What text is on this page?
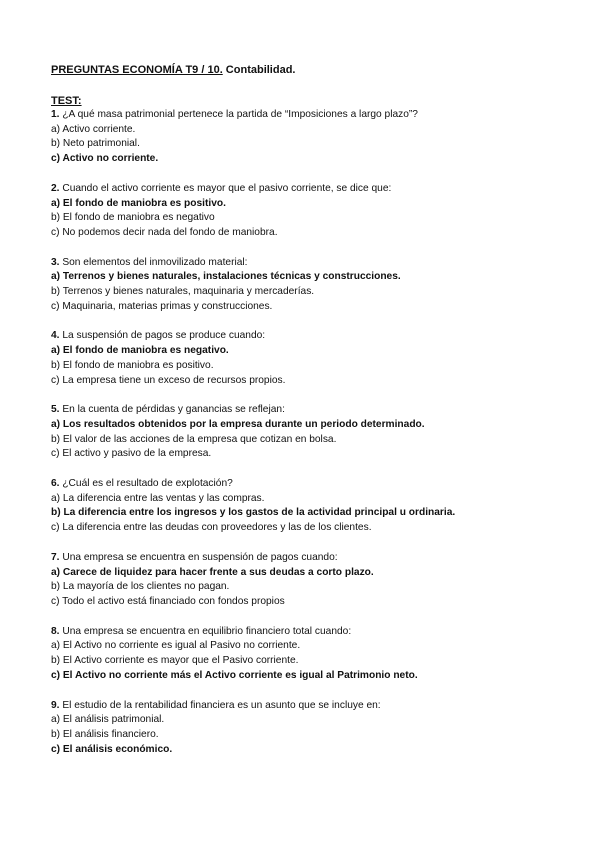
PREGUNTAS ECONOMÍA T9 / 10. Contabilidad.
TEST:
1. ¿A qué masa patrimonial pertenece la partida de “Imposiciones a largo plazo”?
a) Activo corriente.
b) Neto patrimonial.
c) Activo no corriente.
2. Cuando el activo corriente es mayor que el pasivo corriente, se dice que:
a) El fondo de maniobra es positivo.
b) El fondo de maniobra es negativo
c) No podemos decir nada del fondo de maniobra.
3. Son elementos del inmovilizado material:
a) Terrenos y bienes naturales, instalaciones técnicas y construcciones.
b) Terrenos y bienes naturales, maquinaria y mercaderías.
c) Maquinaria, materias primas y construcciones.
4. La suspensión de pagos se produce cuando:
a) El fondo de maniobra es negativo.
b) El fondo de maniobra es positivo.
c) La empresa tiene un exceso de recursos propios.
5. En la cuenta de pérdidas y ganancias se reflejan:
a) Los resultados obtenidos por la empresa durante un periodo determinado.
b) El valor de las acciones de la empresa que cotizan en bolsa.
c) El activo y pasivo de la empresa.
6. ¿Cuál es el resultado de explotación?
a) La diferencia entre las ventas y las compras.
b) La diferencia entre los ingresos y los gastos de la actividad principal u ordinaria.
c) La diferencia entre las deudas con proveedores y las de los clientes.
7. Una empresa se encuentra en suspensión de pagos cuando:
a) Carece de liquidez para hacer frente a sus deudas a corto plazo.
b) La mayoría de los clientes no pagan.
c) Todo el activo está financiado con fondos propios
8. Una empresa se encuentra en equilibrio financiero total cuando:
a) El Activo no corriente es igual al Pasivo no corriente.
b) El Activo corriente es mayor que el Pasivo corriente.
c) El Activo no corriente más el Activo corriente es igual al Patrimonio neto.
9. El estudio de la rentabilidad financiera es un asunto que se incluye en:
a) El análisis patrimonial.
b) El análisis financiero.
c) El análisis económico.
